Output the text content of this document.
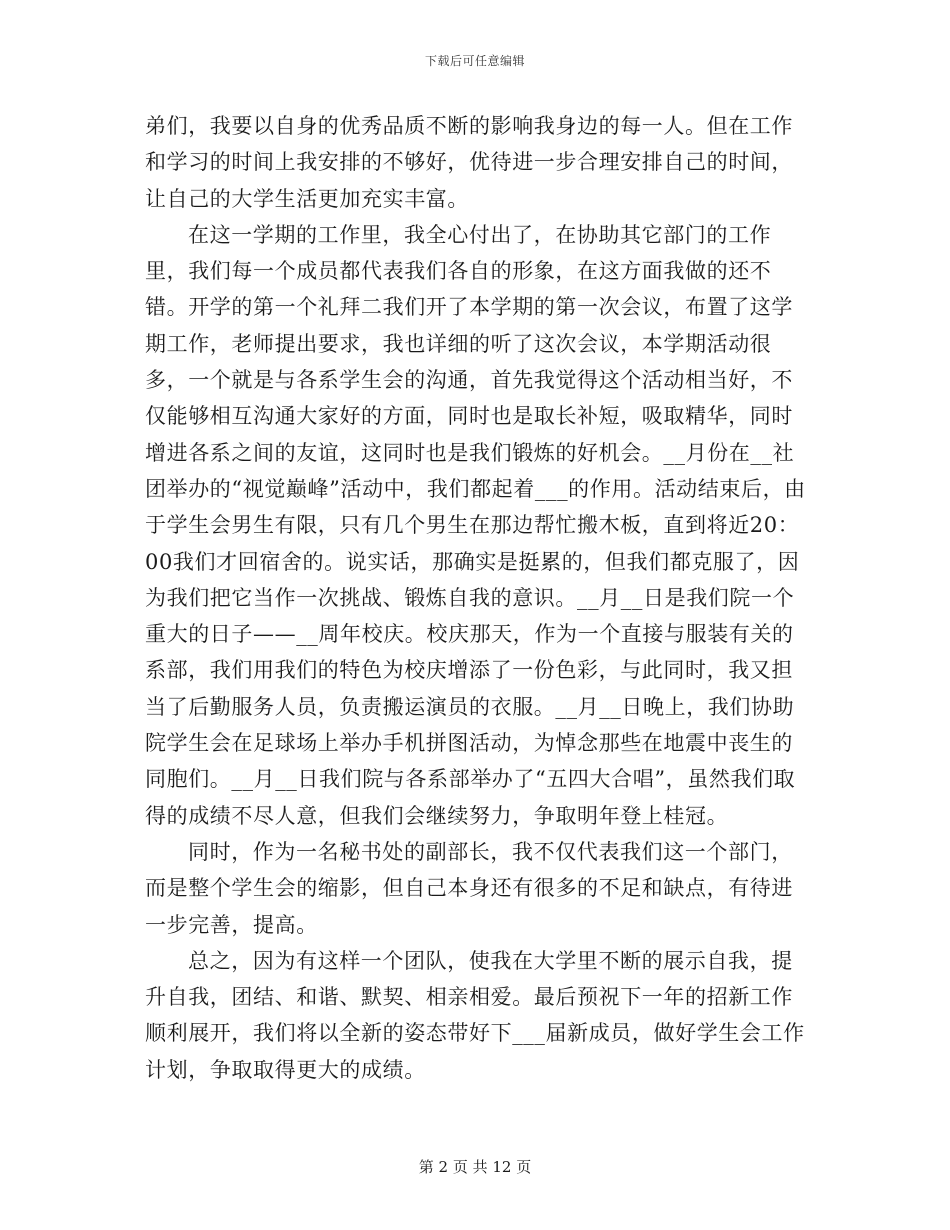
下载后可任意编辑

弟们，我要以自身的优秀品质不断的影响我身边的每一人。但在工作和学习的时间上我安排的不够好，优待进一步合理安排自己的时间，让自己的大学生活更加充实丰富。

在这一学期的工作里，我全心付出了，在协助其它部门的工作里，我们每一个成员都代表我们各自的形象，在这方面我做的还不错。开学的第一个礼拜二我们开了本学期的第一次会议，布置了这学期工作，老师提出要求，我也详细的听了这次会议，本学期活动很多，一个就是与各系学生会的沟通，首先我觉得这个活动相当好，不仅能够相互沟通大家好的方面，同时也是取长补短，吸取精华，同时增进各系之间的友谊，这同时也是我们锻炼的好机会。__月份在__社团举办的“视觉巅峰”活动中，我们都起着___的作用。活动结束后，由于学生会男生有限，只有几个男生在那边帮忙搬木板，直到将近20：00我们才回宿舍的。说实话，那确实是挺累的，但我们都克服了，因为我们把它当作一次挑战、锻炼自我的意识。__月__日是我们院一个重大的日子——__周年校庆。校庆那天，作为一个直接与服装有关的系部，我们用我们的特色为校庆增添了一份色彩，与此同时，我又担当了后勤服务人员，负责搬运演员的衣服。__月__日晚上，我们协助院学生会在足球场上举办手机拼图活动，为悼念那些在地震中丧生的同胞们。__月__日我们院与各系部举办了“五四大合唱”，虽然我们取得的成绩不尽人意，但我们会继续努力，争取明年登上桂冠。

同时，作为一名秘书处的副部长，我不仅代表我们这一个部门，而是整个学生会的缩影，但自己本身还有很多的不足和缺点，有待进一步完善，提高。

总之，因为有这样一个团队，使我在大学里不断的展示自我，提升自我，团结、和谐、默契、相亲相爱。最后预祝下一年的招新工作顺利展开，我们将以全新的姿态带好下___届新成员，做好学生会工作计划，争取取得更大的成绩。

第 2 页 共 12 页
